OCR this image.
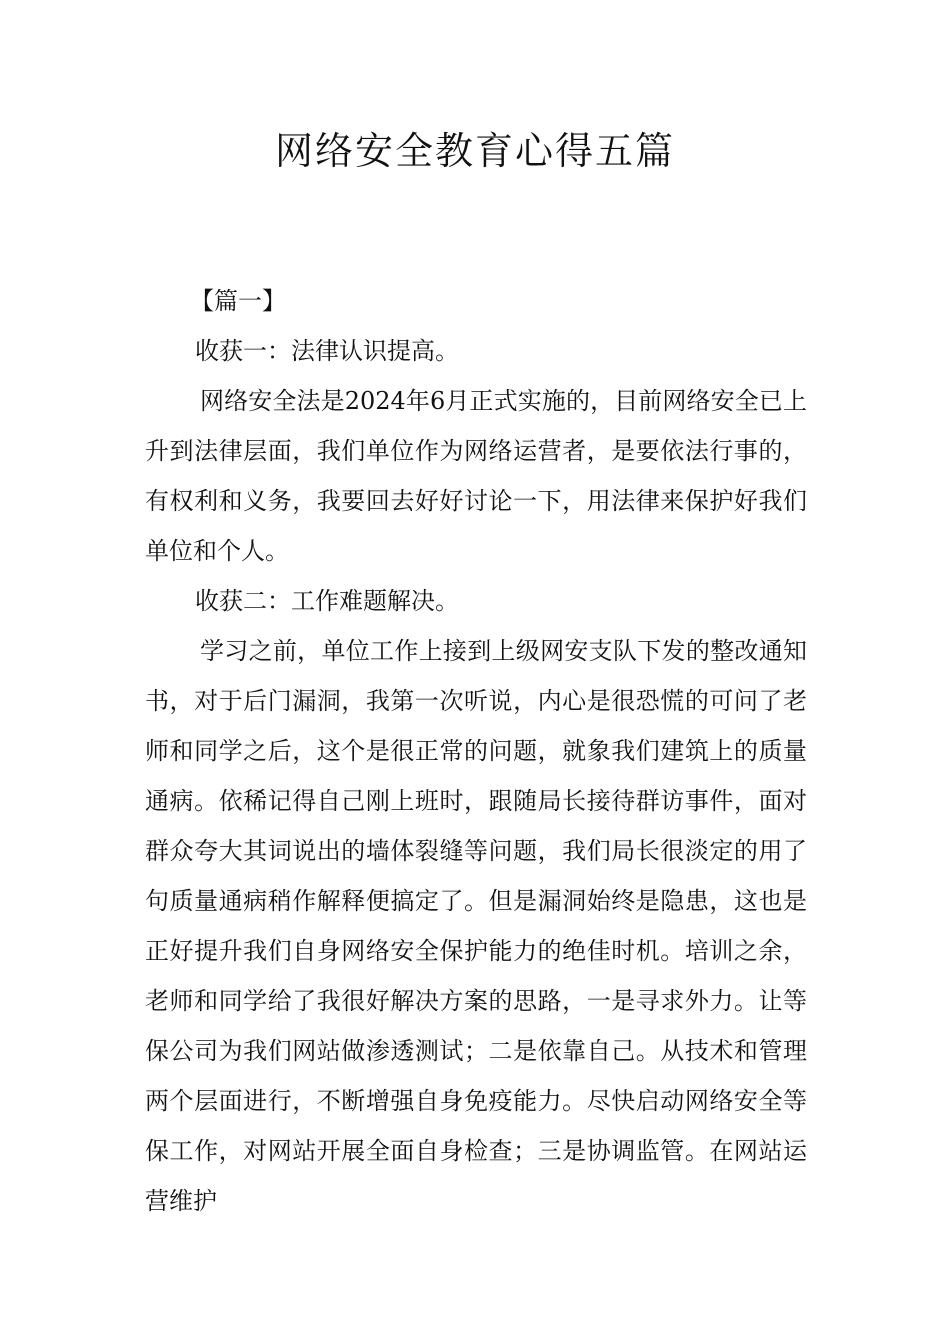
网络安全教育心得五篇

【篇一】

收获一：法律认识提高。

网络安全法是2024年6月正式实施的，目前网络安全已上升到法律层面，我们单位作为网络运营者，是要依法行事的，有权利和义务，我要回去好好讨论一下，用法律来保护好我们单位和个人。

收获二：工作难题解决。

学习之前，单位工作上接到上级网安支队下发的整改通知书，对于后门漏洞，我第一次听说，内心是很恐慌的可问了老师和同学之后，这个是很正常的问题，就象我们建筑上的质量通病。依稀记得自己刚上班时，跟随局长接待群访事件，面对群众夸大其词说出的墙体裂缝等问题，我们局长很淡定的用了句质量通病稍作解释便搞定了。但是漏洞始终是隐患，这也是正好提升我们自身网络安全保护能力的绝佳时机。培训之余，老师和同学给了我很好解决方案的思路，一是寻求外力。让等保公司为我们网站做渗透测试；二是依靠自己。从技术和管理两个层面进行，不断增强自身免疫能力。尽快启动网络安全等保工作，对网站开展全面自身检查；三是协调监管。在网站运营维护
